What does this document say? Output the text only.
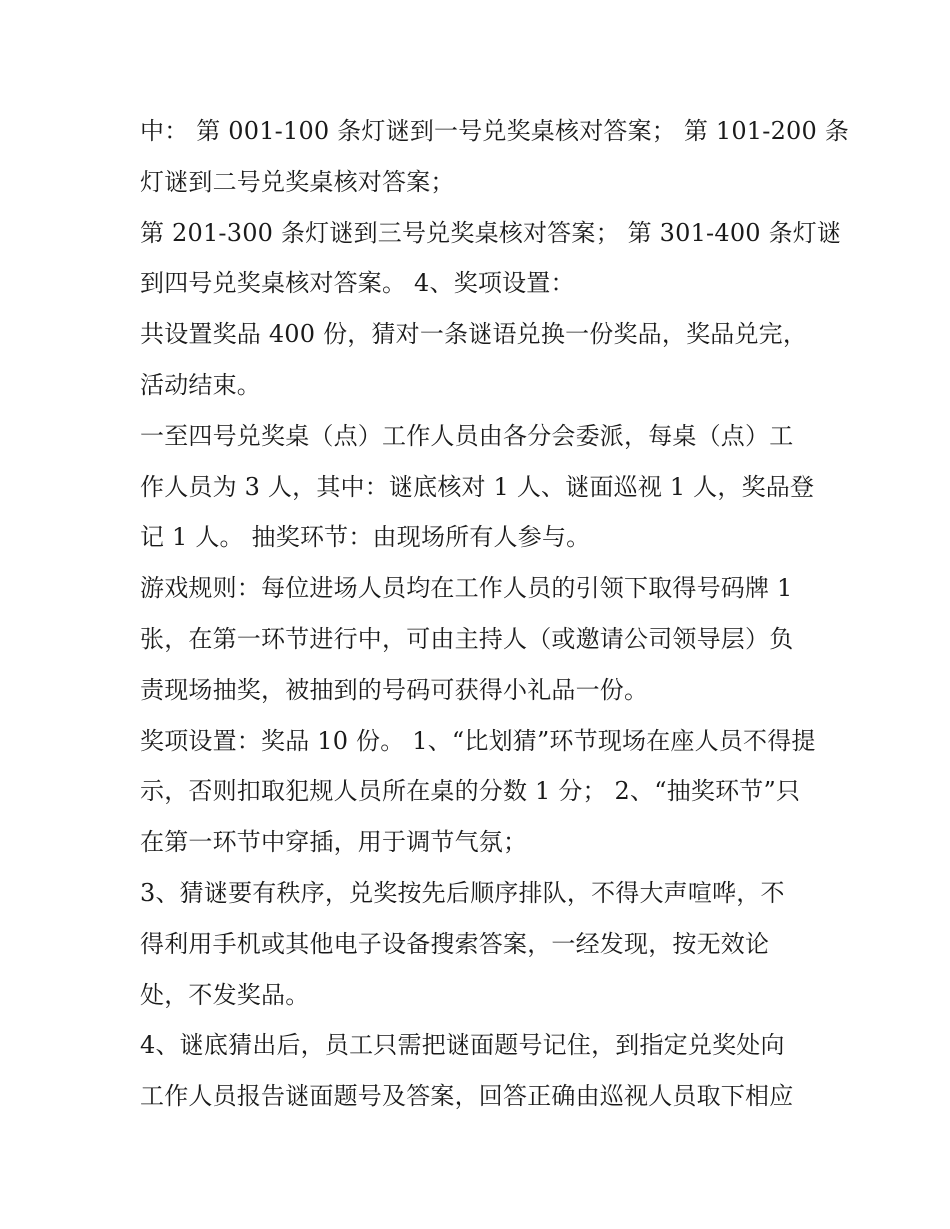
中： 第 001-100 条灯谜到一号兑奖桌核对答案； 第 101-200 条
灯谜到二号兑奖桌核对答案；
第 201-300 条灯谜到三号兑奖桌核对答案； 第 301-400 条灯谜
到四号兑奖桌核对答案。 4、奖项设置：
共设置奖品 400 份，猜对一条谜语兑换一份奖品，奖品兑完，
活动结束。
一至四号兑奖桌（点）工作人员由各分会委派，每桌（点）工
作人员为 3 人，其中：谜底核对 1 人、谜面巡视 1 人，奖品登
记 1 人。 抽奖环节：由现场所有人参与。
游戏规则：每位进场人员均在工作人员的引领下取得号码牌 1
张，在第一环节进行中，可由主持人（或邀请公司领导层）负
责现场抽奖，被抽到的号码可获得小礼品一份。
奖项设置：奖品 10 份。 1、“比划猜”环节现场在座人员不得提
示，否则扣取犯规人员所在桌的分数 1 分； 2、“抽奖环节”只
在第一环节中穿插，用于调节气氛；
3、猜谜要有秩序，兑奖按先后顺序排队，不得大声喧哗，不
得利用手机或其他电子设备搜索答案，一经发现，按无效论
处，不发奖品。
4、谜底猜出后，员工只需把谜面题号记住，到指定兑奖处向
工作人员报告谜面题号及答案，回答正确由巡视人员取下相应
